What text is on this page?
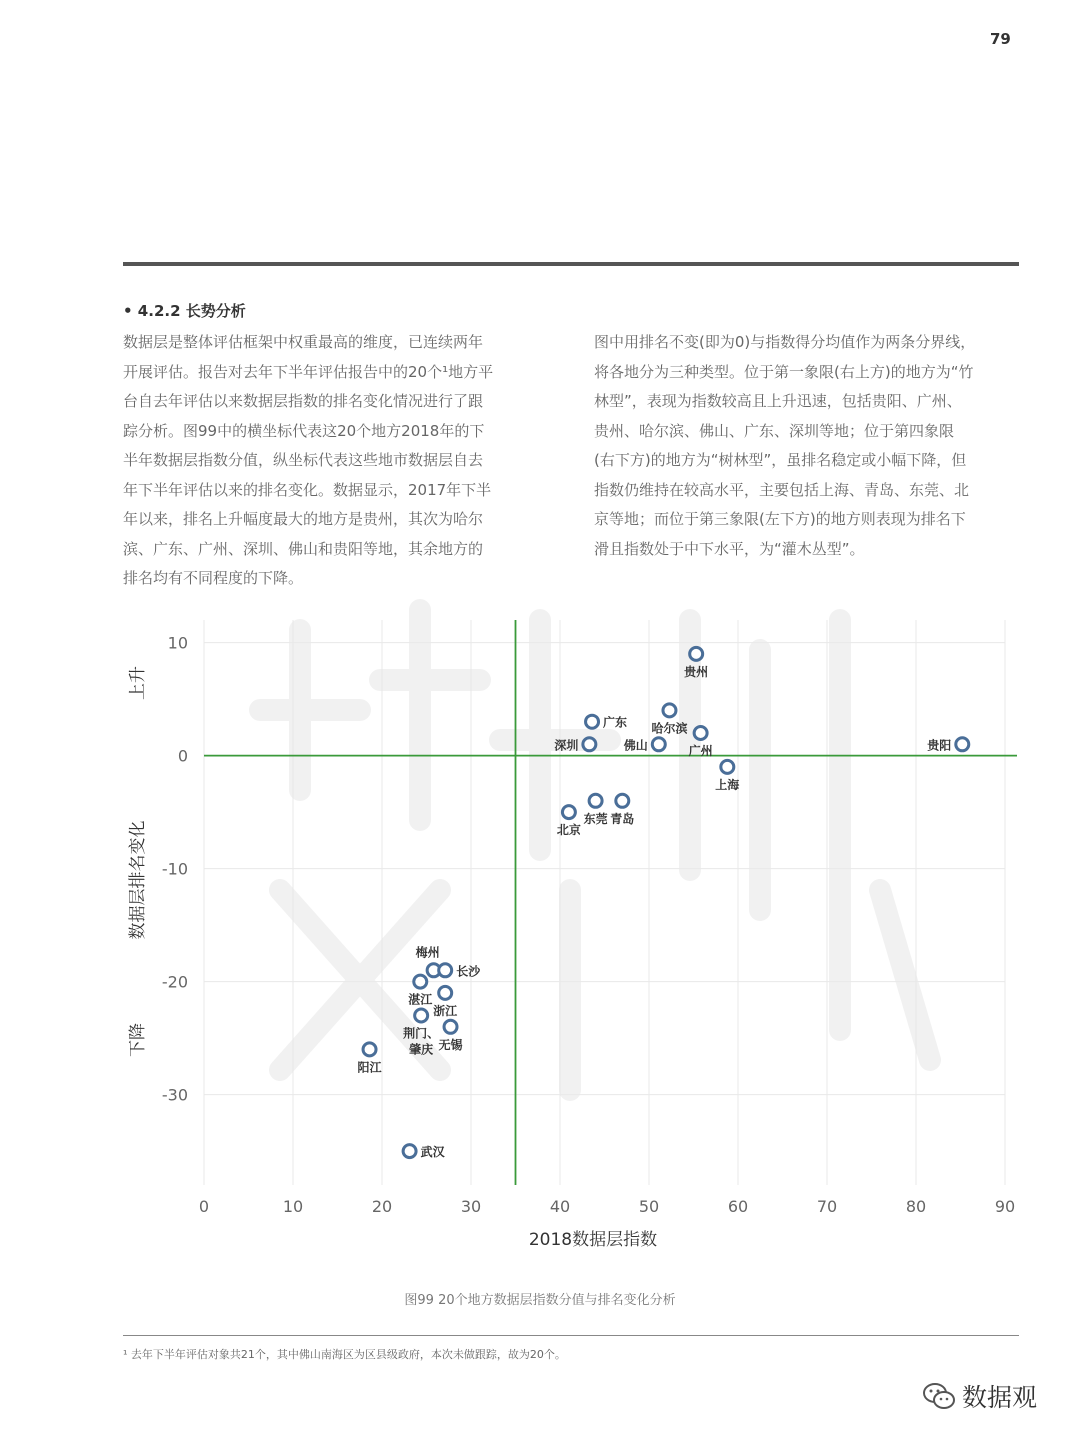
79
• 4.2.2 长势分析
数据层是整体评估框架中权重最高的维度，已连续两年
开展评估。报告对去年下半年评估报告中的20个¹地方平
台自去年评估以来数据层指数的排名变化情况进行了跟
踪分析。图99中的横坐标代表这20个地方2018年的下
半年数据层指数分值，纵坐标代表这些地市数据层自去
年下半年评估以来的排名变化。数据显示，2017年下半
年以来，排名上升幅度最大的地方是贵州，其次为哈尔
滨、广东、广州、深圳、佛山和贵阳等地，其余地方的
排名均有不同程度的下降。
图中用排名不变(即为0)与指数得分均值作为两条分界线，
将各地分为三种类型。位于第一象限(右上方)的地方为“竹
林型”，表现为指数较高且上升迅速，包括贵阳、广州、
贵州、哈尔滨、佛山、广东、深圳等地；位于第四象限
(右下方)的地方为“树林型”，虽排名稳定或小幅下降，但
指数仍维持在较高水平，主要包括上海、青岛、东莞、北
京等地；而位于第三象限(左下方)的地方则表现为排名下
滑且指数处于中下水平，为“灌木丛型”。
0	10	20	30	40	50	60	70	80	90
10
0
-10
-20
-30
贵州
哈尔滨
广东
广州
深圳	佛山	贵阳
上海
北京
东莞 青岛
梅州
长沙
湛江
浙江
荆门、
肇庆 无锡
阳江
武汉
2018数据层指数
数据层排名变化
上升
下降
图99 20个地方数据层指数分值与排名变化分析
¹ 去年下半年评估对象共21个，其中佛山南海区为区县级政府，本次未做跟踪，故为20个。
数据观
